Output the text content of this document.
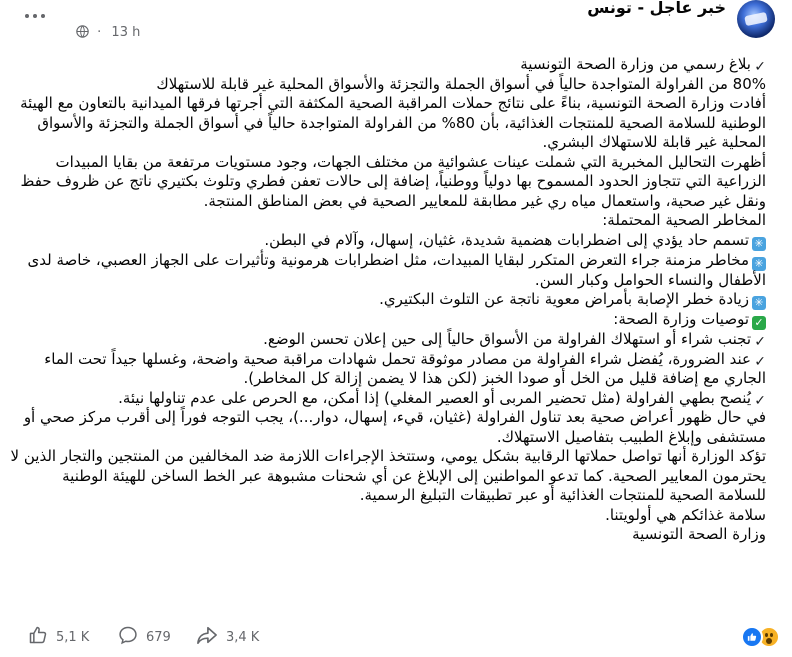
خبر عاجل - تونس
· 13 h

✓بلاغ رسمي من وزارة الصحة التونسية

80% من الفراولة المتواجدة حالياً في أسواق الجملة والتجزئة والأسواق المحلية غير قابلة للاستهلاك

أفادت وزارة الصحة التونسية، بناءً على نتائج حملات المراقبة الصحية المكثفة التي أجرتها فرقها الميدانية بالتعاون مع الهيئة الوطنية للسلامة الصحية للمنتجات الغذائية، بأن 80% من الفراولة المتواجدة حالياً في أسواق الجملة والتجزئة والأسواق المحلية غير قابلة للاستهلاك البشري.

أظهرت التحاليل المخبرية التي شملت عينات عشوائية من مختلف الجهات، وجود مستويات مرتفعة من بقايا المبيدات الزراعية التي تتجاوز الحدود المسموح بها دولياً ووطنياً، إضافة إلى حالات تعفن فطري وتلوث بكتيري ناتج عن ظروف حفظ ونقل غير صحية، واستعمال مياه ري غير مطابقة للمعايير الصحية في بعض المناطق المنتجة.

المخاطر الصحية المحتملة:

✳تسمم حاد يؤدي إلى اضطرابات هضمية شديدة، غثيان، إسهال، وآلام في البطن.

✳مخاطر مزمنة جراء التعرض المتكرر لبقايا المبيدات، مثل اضطرابات هرمونية وتأثيرات على الجهاز العصبي، خاصة لدى الأطفال والنساء الحوامل وكبار السن.

✳زيادة خطر الإصابة بأمراض معوية ناتجة عن التلوث البكتيري.

✓توصيات وزارة الصحة:

✓تجنب شراء أو استهلاك الفراولة من الأسواق حالياً إلى حين إعلان تحسن الوضع.

✓عند الضرورة، يُفضل شراء الفراولة من مصادر موثوقة تحمل شهادات مراقبة صحية واضحة، وغسلها جيداً تحت الماء الجاري مع إضافة قليل من الخل أو صودا الخبز (لكن هذا لا يضمن إزالة كل المخاطر).

✓يُنصح بطهي الفراولة (مثل تحضير المربى أو العصير المغلي) إذا أمكن، مع الحرص على عدم تناولها نيئة.

في حال ظهور أعراض صحية بعد تناول الفراولة (غثيان، قيء، إسهال، دوار...)، يجب التوجه فوراً إلى أقرب مركز صحي أو مستشفى وإبلاغ الطبيب بتفاصيل الاستهلاك.

تؤكد الوزارة أنها تواصل حملاتها الرقابية بشكل يومي، وستتخذ الإجراءات اللازمة ضد المخالفين من المنتجين والتجار الذين لا يحترمون المعايير الصحية. كما تدعو المواطنين إلى الإبلاغ عن أي شحنات مشبوهة عبر الخط الساخن للهيئة الوطنية للسلامة الصحية للمنتجات الغذائية أو عبر تطبيقات التبليغ الرسمية.

سلامة غذائكم هي أولويتنا.

وزارة الصحة التونسية

5,1 K	679	3,4 K
